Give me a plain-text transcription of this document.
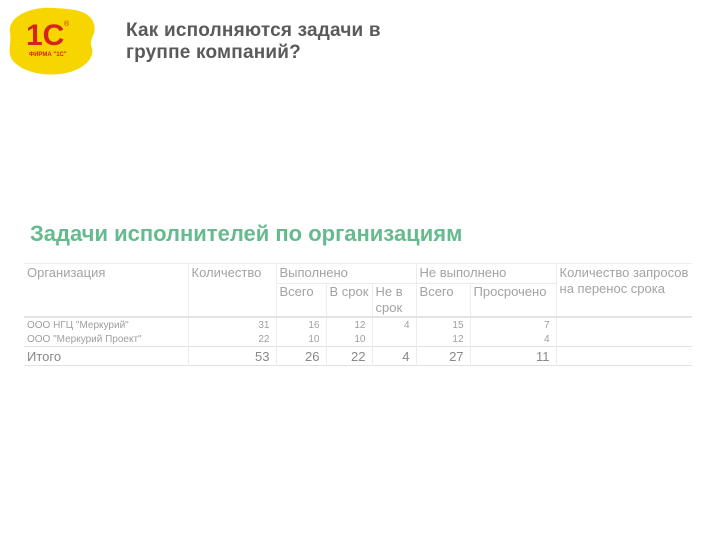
1С ®
ФИРМА "1С"
Как исполняются задачи в
группе компаний?
Задачи исполнителей по организациям
Организация	Количество	Выполнено			Не выполнено		Количество запросов на перенос срока
		Всего	В срок	Не в срок	Всего	Просрочено	
ООО НГЦ "Меркурий"	31	16	12	4	15	7	
ООО "Меркурий Проект"	22	10	10		12	4	
Итого	53	26	22	4	27	11	
